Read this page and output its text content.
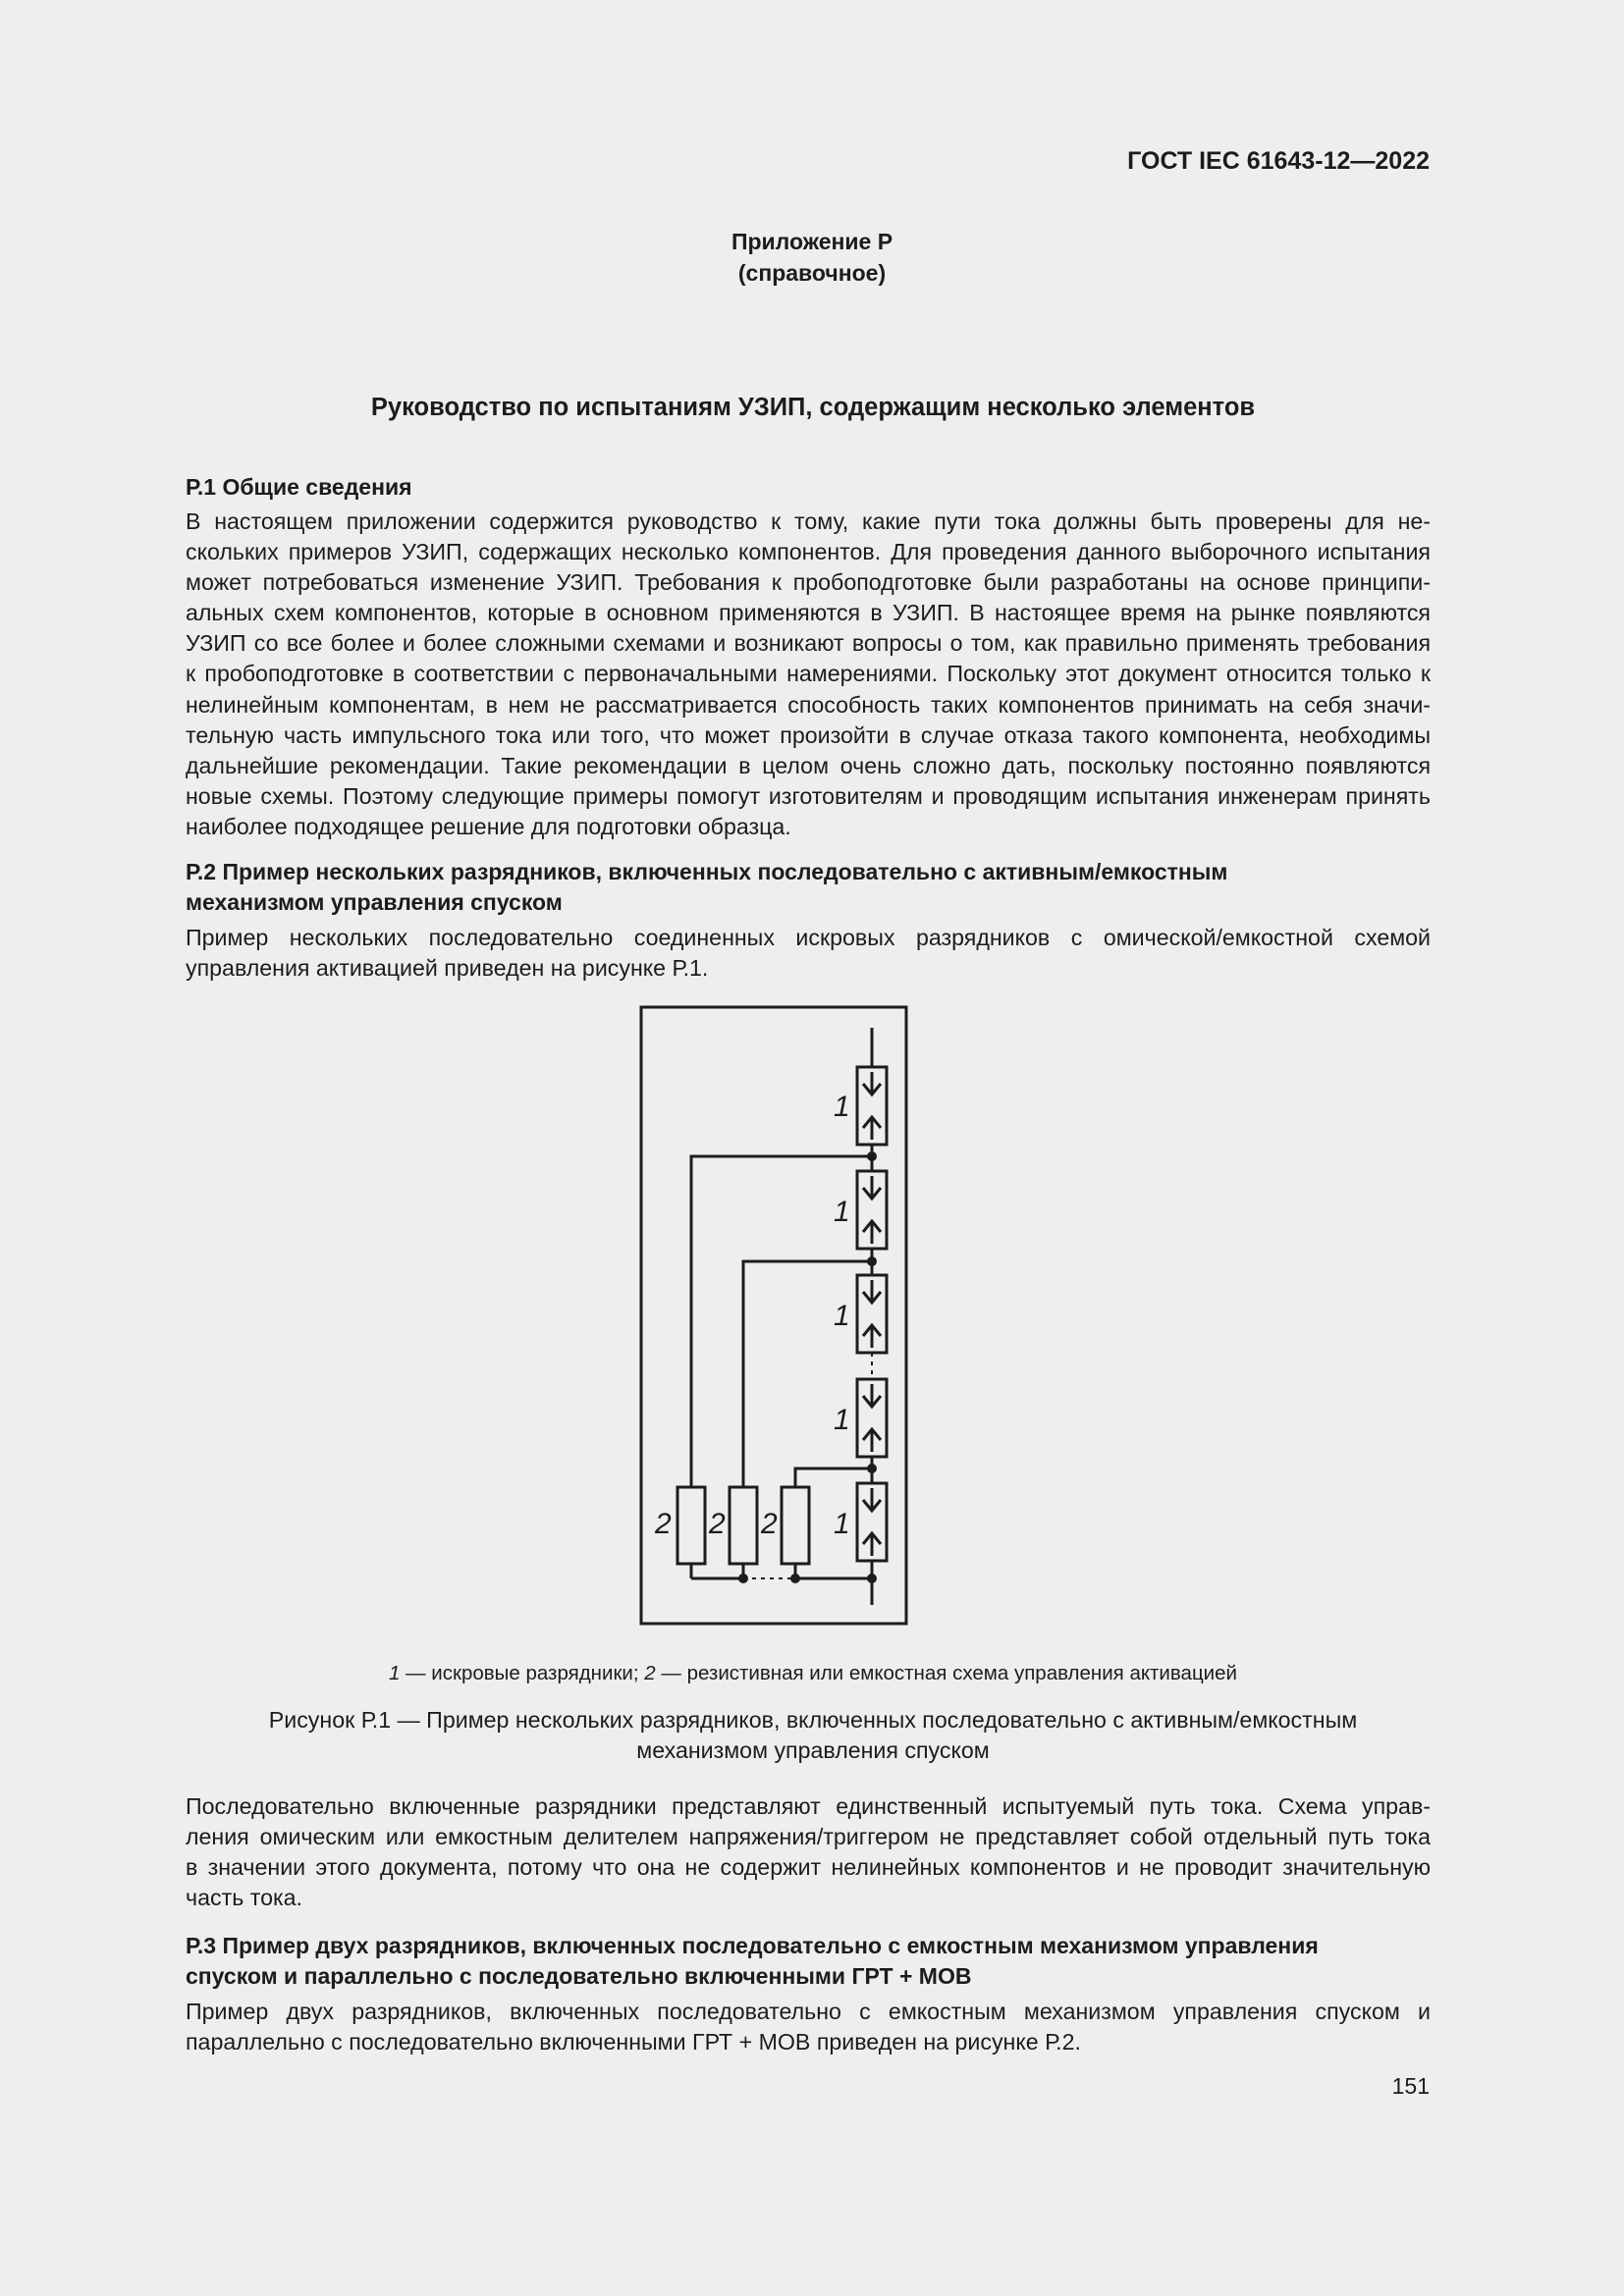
ГОСТ IEC 61643-12—2022
Приложение Р
(справочное)
Руководство по испытаниям УЗИП, содержащим несколько элементов
Р.1 Общие сведения
В настоящем приложении содержится руководство к тому, какие пути тока должны быть проверены для не-
скольких примеров УЗИП, содержащих несколько компонентов. Для проведения данного выборочного испытания
может потребоваться изменение УЗИП. Требования к пробоподготовке были разработаны на основе принципи-
альных схем компонентов, которые в основном применяются в УЗИП. В настоящее время на рынке появляются
УЗИП со все более и более сложными схемами и возникают вопросы о том, как правильно применять требования
к пробоподготовке в соответствии с первоначальными намерениями. Поскольку этот документ относится только к
нелинейным компонентам, в нем не рассматривается способность таких компонентов принимать на себя значи-
тельную часть импульсного тока или того, что может произойти в случае отказа такого компонента, необходимы
дальнейшие рекомендации. Такие рекомендации в целом очень сложно дать, поскольку постоянно появляются
новые схемы. Поэтому следующие примеры помогут изготовителям и проводящим испытания инженерам принять
наиболее подходящее решение для подготовки образца.
Р.2 Пример нескольких разрядников, включенных последовательно с активным/емкостным
механизмом управления спуском
Пример нескольких последовательно соединенных искровых разрядников с омической/емкостной схемой
управления активацией приведен на рисунке Р.1.
1
1
1
1
1
2 2 2
1 — искровые разрядники; 2 — резистивная или емкостная схема управления активацией
Рисунок Р.1 — Пример нескольких разрядников, включенных последовательно с активным/емкостным
механизмом управления спуском
Последовательно включенные разрядники представляют единственный испытуемый путь тока. Схема управ-
ления омическим или емкостным делителем напряжения/триггером не представляет собой отдельный путь тока
в значении этого документа, потому что она не содержит нелинейных компонентов и не проводит значительную
часть тока.
Р.3 Пример двух разрядников, включенных последовательно с емкостным механизмом управления
спуском и параллельно с последовательно включенными ГРТ + МОВ
Пример двух разрядников, включенных последовательно с емкостным механизмом управления спуском и
параллельно с последовательно включенными ГРТ + МОВ приведен на рисунке Р.2.
151
